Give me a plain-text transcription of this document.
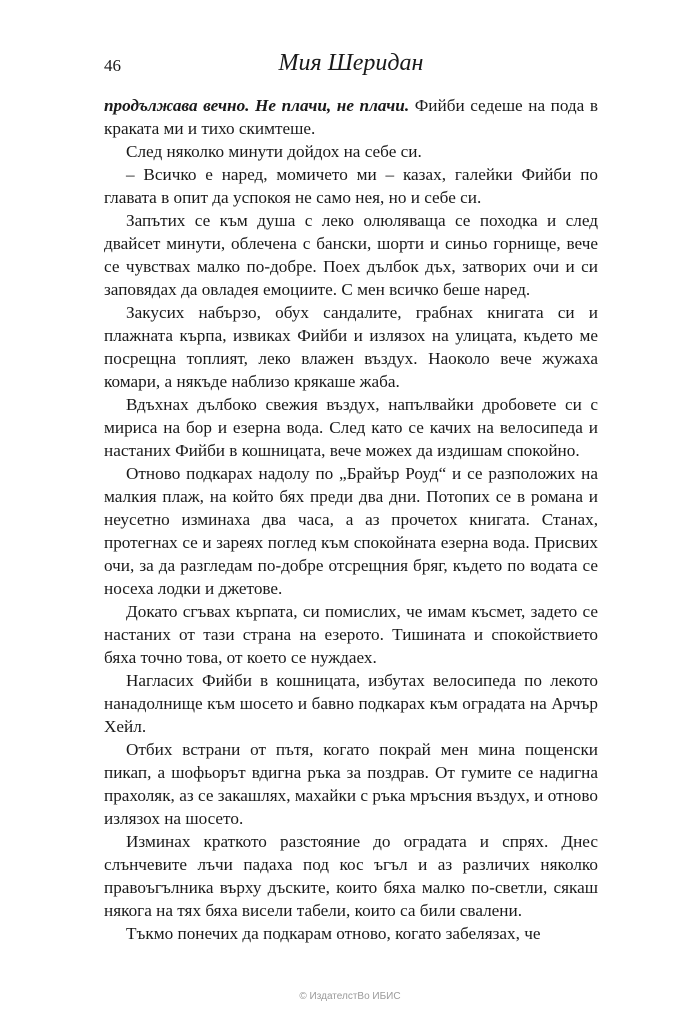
46	Мия Шеридан

продължава вечно. Не плачи, не плачи. Фийби седеше на пода в краката ми и тихо скимтеше.

След няколко минути дойдох на себе си.

– Всичко е наред, момичето ми – казах, галейки Фийби по главата в опит да успокоя не само нея, но и себе си.

Запътих се към душа с леко олюляваща се походка и след двайсет минути, облечена с бански, шорти и синьо горнище, вече се чувствах малко по-добре. Поех дълбок дъх, затворих очи и си заповядах да овладея емоциите. С мен всичко беше наред.

Закусих набързо, обух сандалите, грабнах книгата си и плажната кърпа, извиках Фийби и излязох на улицата, където ме посрещна топлият, леко влажен въздух. Наоколо вече жужаха комари, а някъде наблизо крякаше жаба.

Вдъхнах дълбоко свежия въздух, напълвайки дробовете си с мириса на бор и езерна вода. След като се качих на велосипеда и настаних Фийби в кошницата, вече можех да издишам спокойно.

Отново подкарах надолу по „Брайър Роуд“ и се разположих на малкия плаж, на който бях преди два дни. Потопих се в романа и неусетно изминаха два часа, а аз прочетох книгата. Станах, протегнах се и зареях поглед към спокойната езерна вода. Присвих очи, за да разгледам по-добре отсрещния бряг, където по водата се носеха лодки и джетове.

Докато сгъвах кърпата, си помислих, че имам късмет, задето се настаних от тази страна на езерото. Тишината и спокойствието бяха точно това, от което се нуждаех.

Нагласих Фийби в кошницата, избутах велосипеда по лекото нанадолнище към шосето и бавно подкарах към оградата на Арчър Хейл.

Отбих встрани от пътя, когато покрай мен мина пощенски пикап, а шофьорът вдигна ръка за поздрав. От гумите се надигна прахоляк, аз се закашлях, махайки с ръка мръсния въздух, и отново излязох на шосето.

Изминах краткото разстояние до оградата и спрях. Днес слънчевите лъчи падаха под кос ъгъл и аз различих няколко правоъгълника върху дъските, които бяха малко по-светли, сякаш някога на тях бяха висели табели, които са били свалени.

Тъкмо понечих да подкарам отново, когато забелязах, че

© ИздателстВо ИБИС
